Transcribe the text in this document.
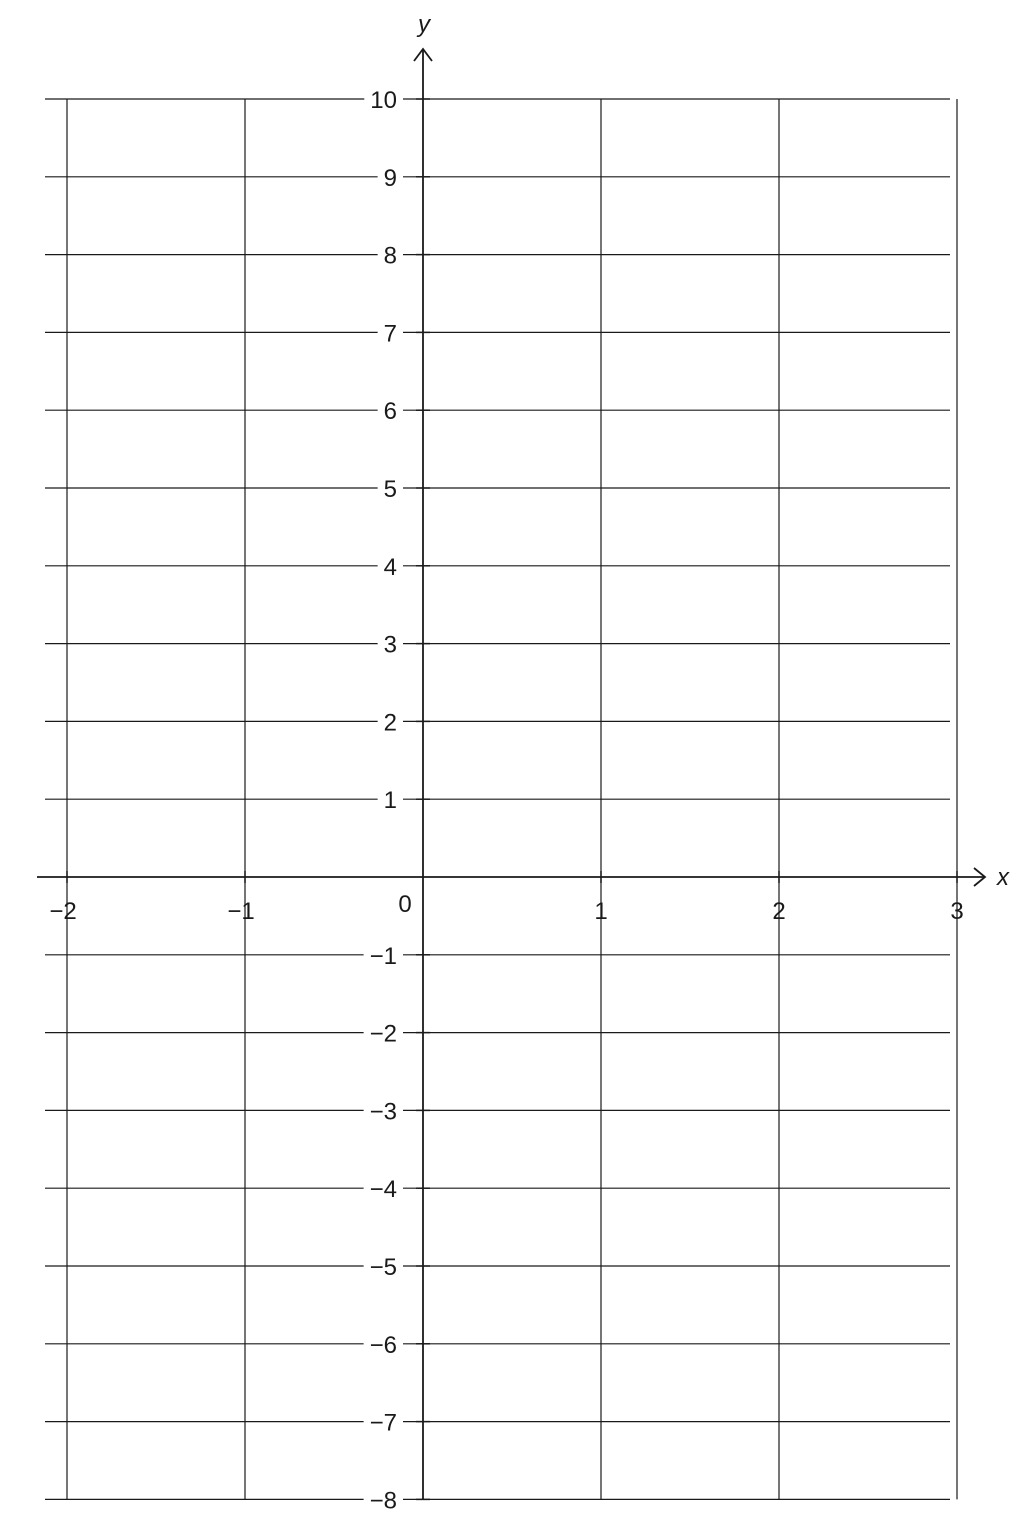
−2	−1	1	2	3
10
9
8
7
6
5
4
3
2
1
−1
−2
−3
−4
−5
−6
−7
−8
x
y
0
